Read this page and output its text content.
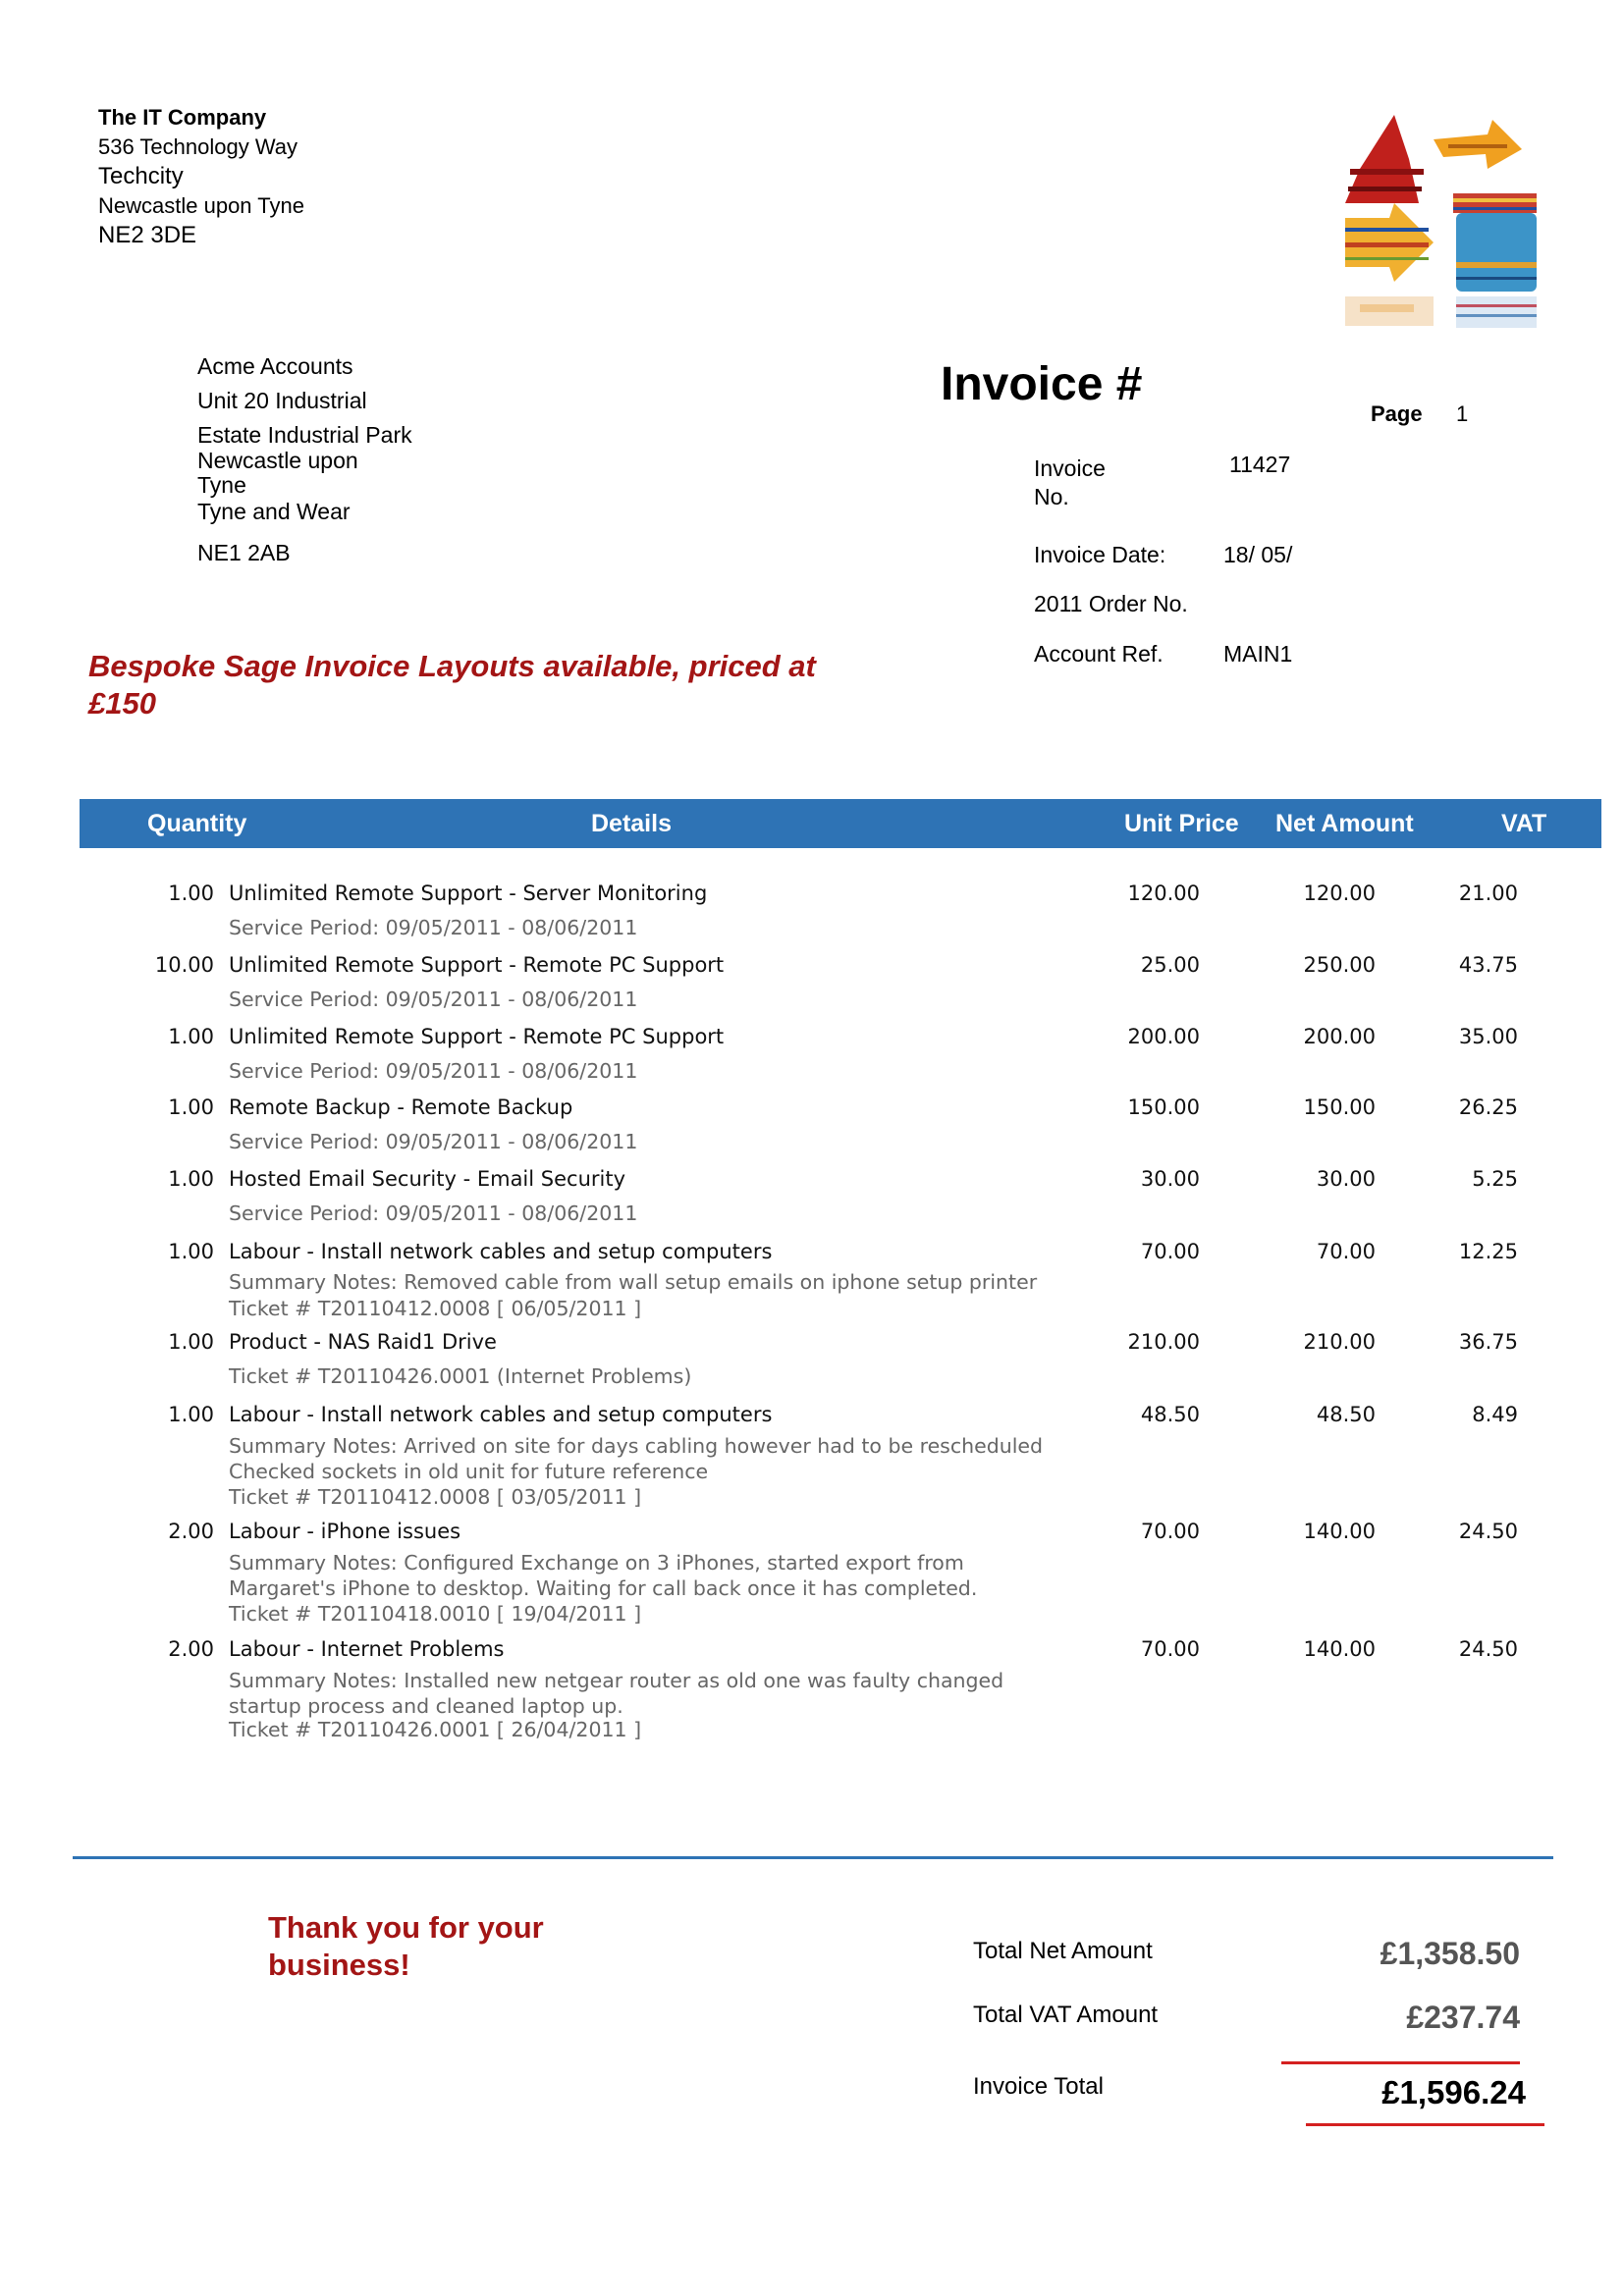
The IT Company
536 Technology Way
Techcity
Newcastle upon Tyne
NE2 3DE
Acme Accounts
Unit 20 Industrial
Estate Industrial Park
Newcastle upon
Tyne
Tyne and Wear
NE1 2AB
Invoice #
Page 1
Invoice
No.
11427
Invoice Date:	18/ 05/
2011 Order No.
Account Ref.	MAIN1
Bespoke Sage Invoice Layouts available, priced at
£150
Quantity	Details	Unit Price Net Amount	VAT
1.00 Unlimited Remote Support - Server Monitoring	120.00	120.00	21.00
Service Period: 09/05/2011 - 08/06/2011
10.00 Unlimited Remote Support - Remote PC Support	25.00	250.00	43.75
Service Period: 09/05/2011 - 08/06/2011
1.00 Unlimited Remote Support - Remote PC Support	200.00	200.00	35.00
Service Period: 09/05/2011 - 08/06/2011
1.00 Remote Backup - Remote Backup	150.00	150.00	26.25
Service Period: 09/05/2011 - 08/06/2011
1.00 Hosted Email Security - Email Security	30.00	30.00	5.25
Service Period: 09/05/2011 - 08/06/2011
1.00 Labour - Install network cables and setup computers	70.00	70.00	12.25
Summary Notes: Removed cable from wall setup emails on iphone setup printer
Ticket # T20110412.0008 [ 06/05/2011 ]
1.00 Product - NAS Raid1 Drive	210.00	210.00	36.75
Ticket # T20110426.0001 (Internet Problems)
1.00 Labour - Install network cables and setup computers	48.50	48.50	8.49
Summary Notes: Arrived on site for days cabling however had to be rescheduled
Checked sockets in old unit for future reference
Ticket # T20110412.0008 [ 03/05/2011 ]
2.00 Labour - iPhone issues	70.00	140.00	24.50
Summary Notes: Configured Exchange on 3 iPhones, started export from
Margaret's iPhone to desktop. Waiting for call back once it has completed.
Ticket # T20110418.0010 [ 19/04/2011 ]
2.00 Labour - Internet Problems	70.00	140.00	24.50
Summary Notes: Installed new netgear router as old one was faulty changed
startup process and cleaned laptop up.
Ticket # T20110426.0001 [ 26/04/2011 ]
Thank you for your
business!	Total Net Amount	£1,358.50
Total VAT Amount	£237.74
Invoice Total	£1,596.24
